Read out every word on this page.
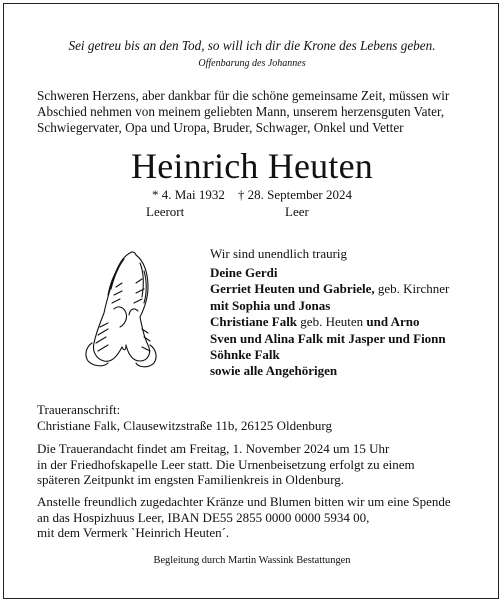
Sei getreu bis an den Tod, so will ich dir die Krone des Lebens geben.
Offenbarung des Johannes
Schweren Herzens, aber dankbar für die schöne gemeinsame Zeit, müssen wir
Abschied nehmen von meinem geliebten Mann, unserem herzensguten Vater,
Schwiegervater, Opa und Uropa, Bruder, Schwager, Onkel und Vetter
Heinrich Heuten
* 4. Mai 1932    † 28. September 2024
Leerort	Leer
Wir sind unendlich traurig
Deine Gerdi
Gerriet Heuten und Gabriele, geb. Kirchner
mit Sophia und Jonas
Christiane Falk geb. Heuten und Arno
Sven und Alina Falk mit Jasper und Fionn
Söhnke Falk
sowie alle Angehörigen
Traueranschrift:
Christiane Falk, Clausewitzstraße 11b, 26125 Oldenburg
Die Trauerandacht findet am Freitag, 1. November 2024 um 15 Uhr
in der Friedhofskapelle Leer statt. Die Urnenbeisetzung erfolgt zu einem
späteren Zeitpunkt im engsten Familienkreis in Oldenburg.
Anstelle freundlich zugedachter Kränze und Blumen bitten wir um eine Spende
an das Hospizhuus Leer, IBAN DE55 2855 0000 0000 5934 00,
mit dem Vermerk `Heinrich Heuten´.
Begleitung durch Martin Wassink Bestattungen
